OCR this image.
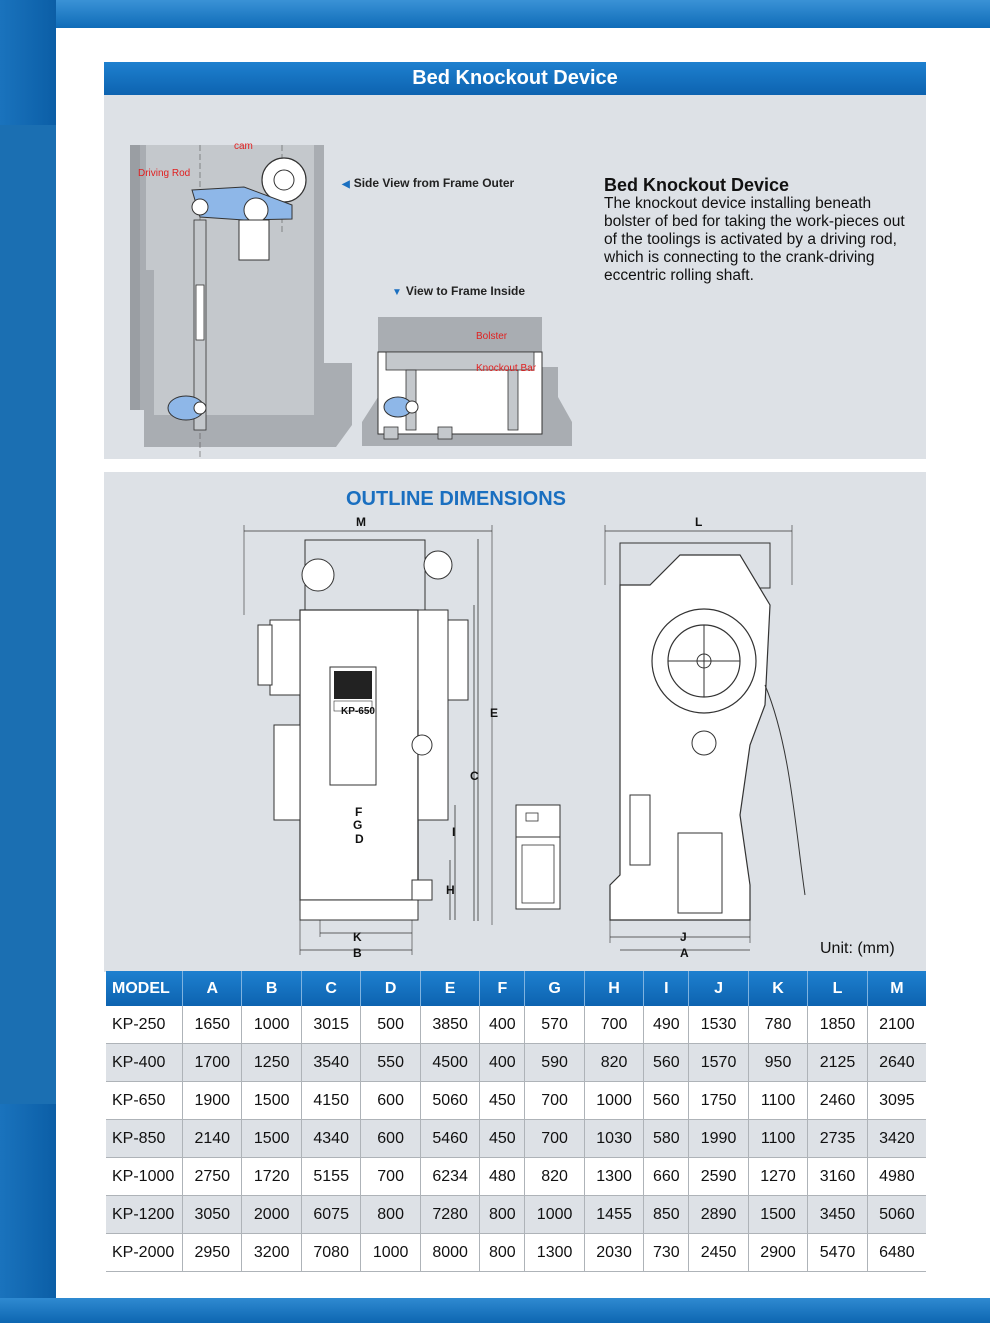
Bed Knockout Device
cam
Driving Rod
◀ Side View from Frame Outer
▼ View to Frame Inside
Bolster
Knockout Bar
Bed Knockout Device

The knockout device installing beneath bolster of bed for taking the work-pieces out of the toolings is activated by a driving rod, which is connecting to the crank-driving eccentric rolling shaft.

OUTLINE DIMENSIONS
KP-650
M
E
C
I
H
F
G
D
K
B
L
J
A	Unit: (mm)
MODEL	A	B	C	D	E	F	G	H	I	J	K	L	M
KP-250	1650	1000	3015	500	3850	400	570	700	490	1530	780	1850	2100
KP-400	1700	1250	3540	550	4500	400	590	820	560	1570	950	2125	2640
KP-650	1900	1500	4150	600	5060	450	700	1000	560	1750	1100	2460	3095
KP-850	2140	1500	4340	600	5460	450	700	1030	580	1990	1100	2735	3420
KP-1000	2750	1720	5155	700	6234	480	820	1300	660	2590	1270	3160	4980
KP-1200	3050	2000	6075	800	7280	800	1000	1455	850	2890	1500	3450	5060
KP-2000	2950	3200	7080	1000	8000	800	1300	2030	730	2450	2900	5470	6480
